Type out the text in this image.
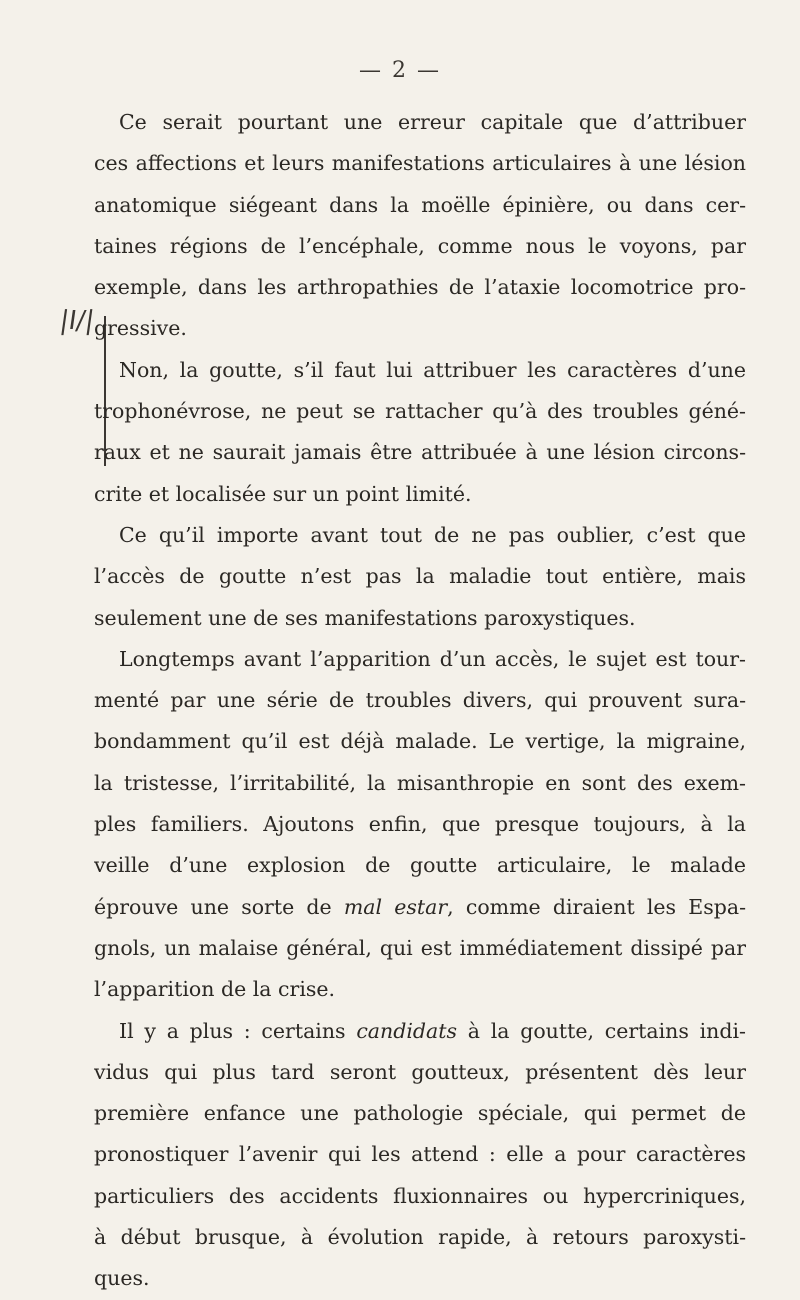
— 2 —
|I/|
Ce serait pourtant une erreur capitale que d’attribuer
ces affections et leurs manifestations articulaires à une lésion
anatomique siégeant dans la moëlle épinière, ou dans cer-
taines régions de l’encéphale, comme nous le voyons, par
exemple, dans les arthropathies de l’ataxie locomotrice pro-
gressive.
Non, la goutte, s’il faut lui attribuer les caractères d’une
trophonévrose, ne peut se rattacher qu’à des troubles géné-
raux et ne saurait jamais être attribuée à une lésion circons-
crite et localisée sur un point limité.
Ce qu’il importe avant tout de ne pas oublier, c’est que
l’accès de goutte n’est pas la maladie tout entière, mais
seulement une de ses manifestations paroxystiques.
Longtemps avant l’apparition d’un accès, le sujet est tour-
menté par une série de troubles divers, qui prouvent sura-
bondamment qu’il est déjà malade. Le vertige, la migraine,
la tristesse, l’irritabilité, la misanthropie en sont des exem-
ples familiers. Ajoutons enfin, que presque toujours, à la
veille d’une explosion de goutte articulaire, le malade
éprouve une sorte de mal estar, comme diraient les Espa-
gnols, un malaise général, qui est immédiatement dissipé par
l’apparition de la crise.
Il y a plus : certains candidats à la goutte, certains indi-
vidus qui plus tard seront goutteux, présentent dès leur
première enfance une pathologie spéciale, qui permet de
pronostiquer l’avenir qui les attend : elle a pour caractères
particuliers des accidents fluxionnaires ou hypercriniques,
à début brusque, à évolution rapide, à retours paroxysti-
ques.
